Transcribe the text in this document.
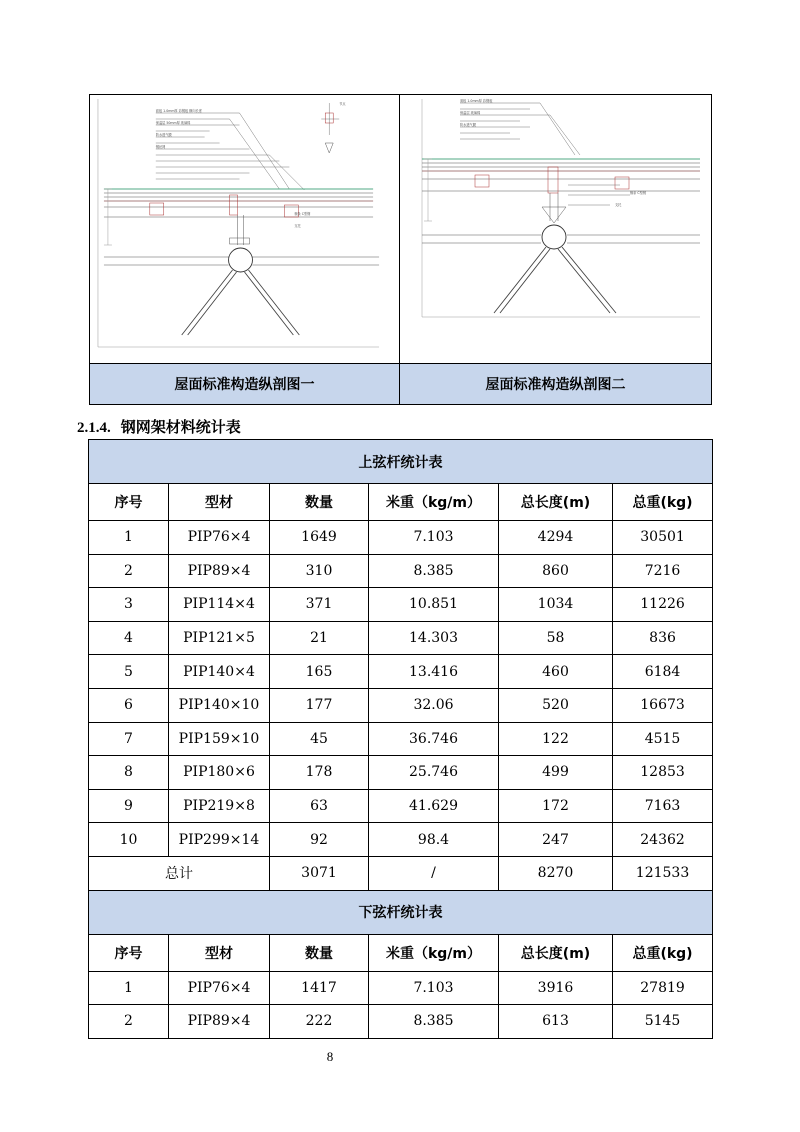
面板 1.0mm厚 彩钢板 横向长度
保温层 50mm厚 玻璃棉
防水透气膜
钢丝网
檩条 C型钢
支托
节点
面板 1.0mm厚 彩钢板
保温层 玻璃棉
防水透气膜
檩条 C型钢
支托
屋面标准构造纵剖图一	屋面标准构造纵剖图二
2.1.4. 钢网架材料统计表
上弦杆统计表					
序号	型材	数量	米重（kg/m）	总长度(m)	总重(kg)
1	PIP76×4	1649	7.103	4294	30501
2	PIP89×4	310	8.385	860	7216
3	PIP114×4	371	10.851	1034	11226
4	PIP121×5	21	14.303	58	836
5	PIP140×4	165	13.416	460	6184
6	PIP140×10	177	32.06	520	16673
7	PIP159×10	45	36.746	122	4515
8	PIP180×6	178	25.746	499	12853
9	PIP219×8	63	41.629	172	7163
10	PIP299×14	92	98.4	247	24362
总计		3071	/	8270	121533
下弦杆统计表					
序号	型材	数量	米重（kg/m）	总长度(m)	总重(kg)
1	PIP76×4	1417	7.103	3916	27819
2	PIP89×4	222	8.385	613	5145
8
